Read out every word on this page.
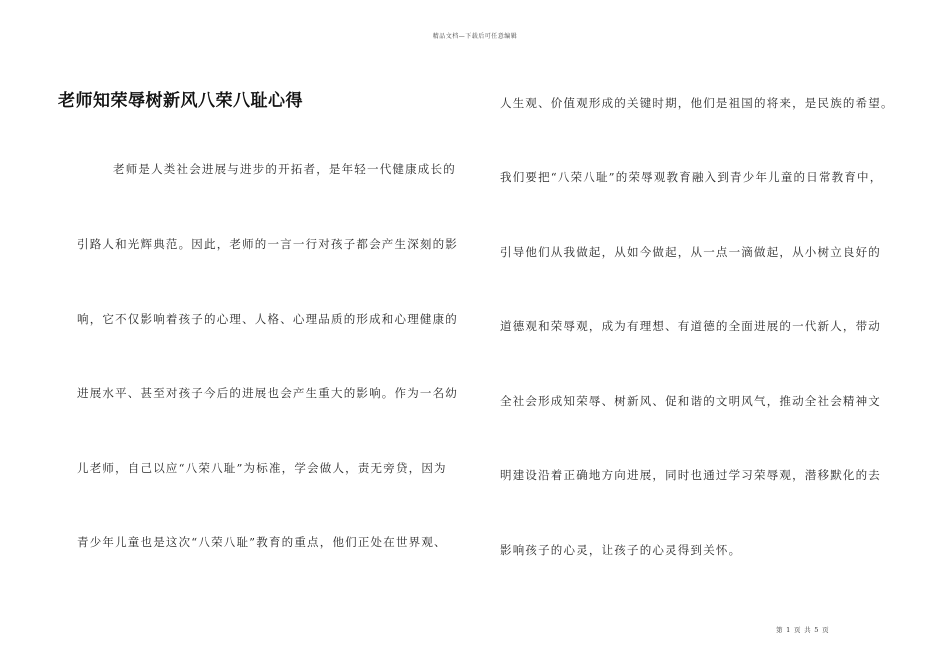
精品文档—下载后可任意编辑
老师知荣辱树新风八荣八耻心得
老师是人类社会进展与进步的开拓者，是年轻一代健康成长的
引路人和光辉典范。因此，老师的一言一行对孩子都会产生深刻的影
响，它不仅影响着孩子的心理、人格、心理品质的形成和心理健康的
进展水平、甚至对孩子今后的进展也会产生重大的影响。作为一名幼
儿老师，自己以应“八荣八耻”为标准，学会做人，责无旁贷，因为
青少年儿童也是这次“八荣八耻”教育的重点，他们正处在世界观、
人生观、价值观形成的关键时期，他们是祖国的将来，是民族的希望。
我们要把“八荣八耻”的荣辱观教育融入到青少年儿童的日常教育中，
引导他们从我做起，从如今做起，从一点一滴做起，从小树立良好的
道德观和荣辱观，成为有理想、有道德的全面进展的一代新人，带动
全社会形成知荣辱、树新风、促和谐的文明风气，推动全社会精神文
明建设沿着正确地方向进展，同时也通过学习荣辱观，潜移默化的去
影响孩子的心灵，让孩子的心灵得到关怀。
第 1 页 共 5 页
